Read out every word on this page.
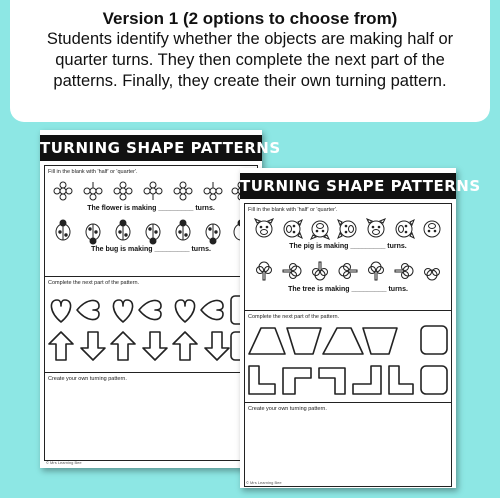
Version 1 (2 options to choose from)
Students identify whether the objects are making half or
quarter turns. They then complete the next part of the
patterns. Finally, they create their own turning pattern.
TURNING SHAPE PATTERNS
Fill in the blank with 'half' or 'quarter'.
The flower is making _________ turns.
The bug is making _________ turns.
Complete the next part of the pattern.
Create your own turning pattern.
© Mrs Learning Bee
TURNING SHAPE PATTERNS
Fill in the blank with 'half' or 'quarter'.
The pig is making _________ turns.
The tree is making _________ turns.
Complete the next part of the pattern.
Create your own turning pattern.
© Mrs Learning Bee
